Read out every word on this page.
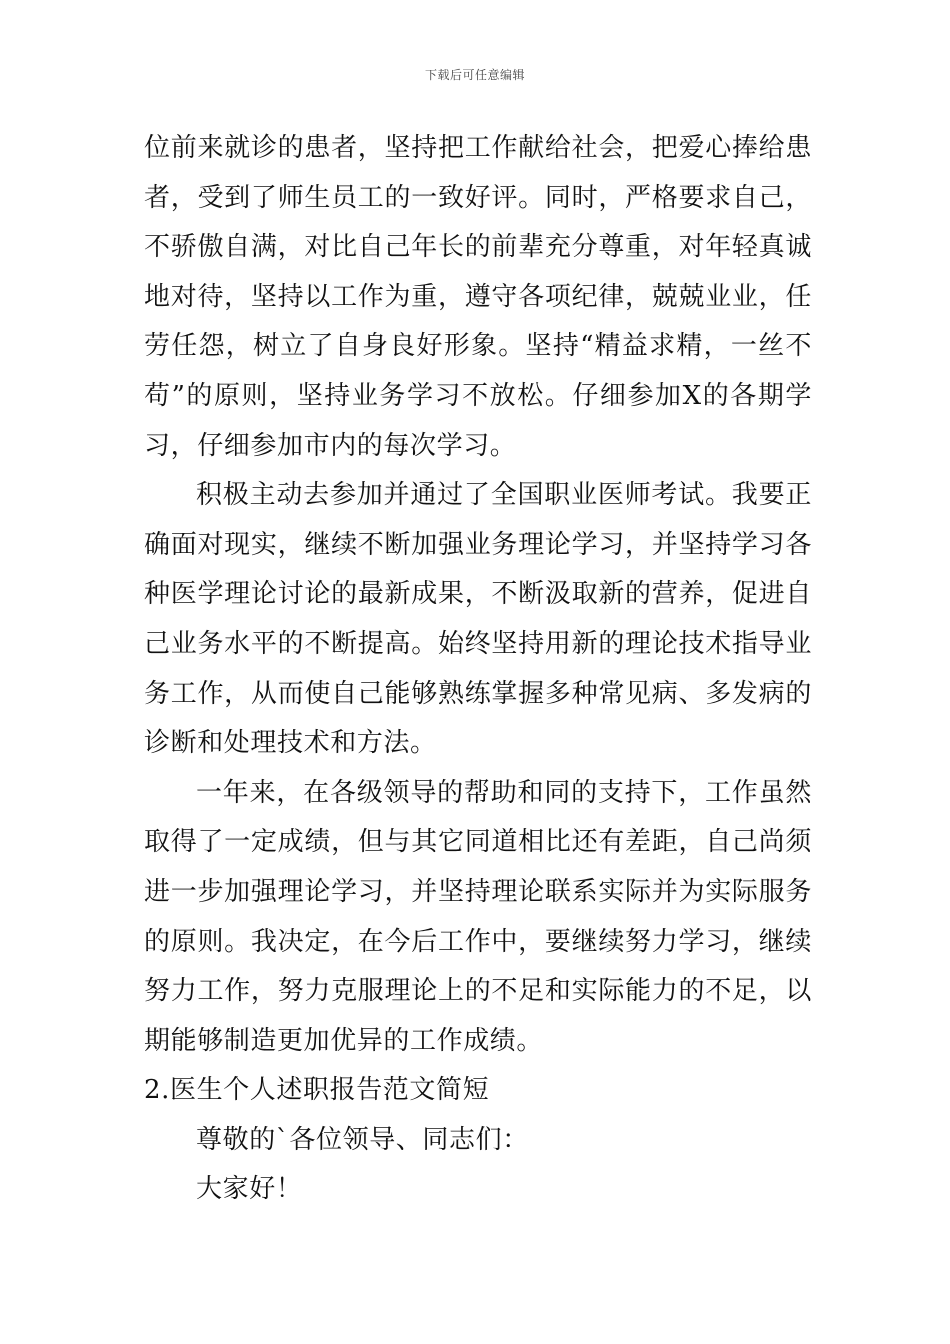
下载后可任意编辑

位前来就诊的患者，坚持把工作献给社会，把爱心捧给患者，受到了师生员工的一致好评。同时，严格要求自己，不骄傲自满，对比自己年长的前辈充分尊重，对年轻真诚地对待，坚持以工作为重，遵守各项纪律，兢兢业业，任劳任怨，树立了自身良好形象。坚持“精益求精，一丝不苟”的原则，坚持业务学习不放松。仔细参加X的各期学习，仔细参加市内的每次学习。

积极主动去参加并通过了全国职业医师考试。我要正确面对现实，继续不断加强业务理论学习，并坚持学习各种医学理论讨论的最新成果，不断汲取新的营养，促进自己业务水平的不断提高。始终坚持用新的理论技术指导业务工作，从而使自己能够熟练掌握多种常见病、多发病的诊断和处理技术和方法。

一年来，在各级领导的帮助和同的支持下，工作虽然取得了一定成绩，但与其它同道相比还有差距，自己尚须进一步加强理论学习，并坚持理论联系实际并为实际服务的原则。我决定，在今后工作中，要继续努力学习，继续努力工作，努力克服理论上的不足和实际能力的不足，以期能够制造更加优异的工作成绩。

2.医生个人述职报告范文简短

尊敬的`各位领导、同志们：

大家好！
